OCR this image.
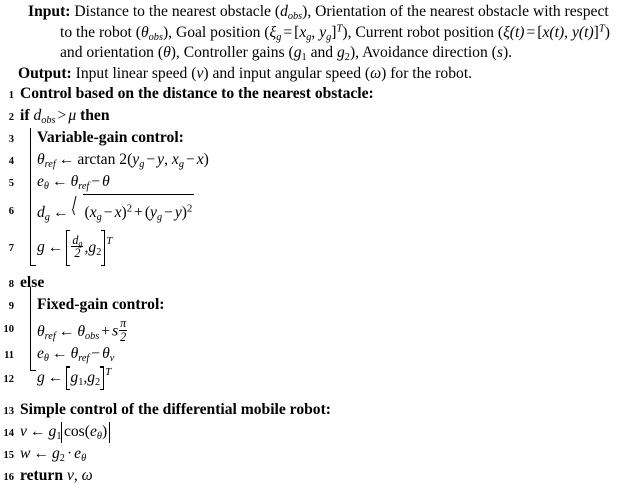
Input: Distance to the nearest obstacle $(d_{obs})$, Orientation of the nearest obstacle with respect to the robot $(\theta_{obs})$, Goal position ($\xi_g = [x_g$, $y_g]^T$), Current robot position (ξ(t) = [x(t), y(t)]$^T$) and orientation (θ), Controller gains ($g_1$ and $g_2$), Avoidance direction (s).
Output: Input linear speed (v) and input angular speed (ω) for the robot.
1 Control based on the distance to the nearest obstacle:
2 if $d_{obs} > \mu$ then
3	Variable-gain control:
4	$\theta_{ref}$ ← $\arctan 2(y_g - y$, $x_g - x$)
5	$e_\theta$ ← $\theta_{ref} - \theta$
6	$d_g$ ← $(x_g - x)^2 + (y_g - y)^2$
7	g ← $\frac{d_g}{2} ,g_2$
T
8 else
9	Fixed-gain control:
10	$\theta_{ref}$ ← $\theta_{obs} + s \frac{\pi}{2}$
11	$e_\theta$ ← $\theta_{ref} - \theta_v$
12	g ← $g_1,g_2$
T
13 Simple control of the differential mobile robot:
14 v ← $g_1$ $\cos(e_\theta)$
15 w ← $g_2 \cdot e_\theta$
16 return v, ω
